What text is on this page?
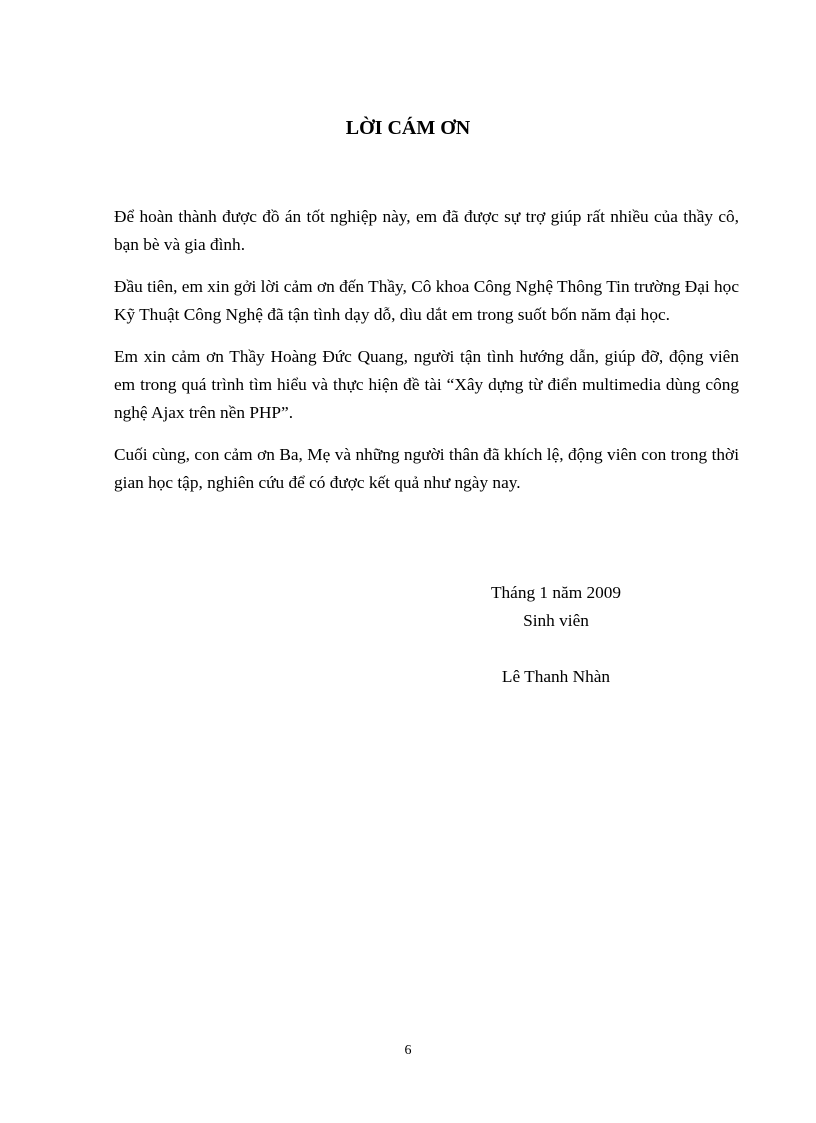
LỜI CÁM ƠN

Để hoàn thành được đồ án tốt nghiệp này, em đã được sự trợ giúp rất nhiều của thầy cô, bạn bè và gia đình.

Đầu tiên, em xin gởi lời cảm ơn đến Thầy, Cô khoa Công Nghệ Thông Tin trường Đại học Kỹ Thuật Công Nghệ đã tận tình dạy dỗ, dìu dắt em trong suốt bốn năm đại học.

Em xin cảm ơn Thầy Hoàng Đức Quang, người tận tình hướng dẫn, giúp đỡ, động viên em trong quá trình tìm hiểu và thực hiện đề tài “Xây dựng từ điển multimedia dùng công nghệ Ajax trên nền PHP”.

Cuối cùng, con cảm ơn Ba, Mẹ và những người thân đã khích lệ, động viên con trong thời gian học tập, nghiên cứu để có được kết quả như ngày nay.

Tháng 1 năm 2009
Sinh viên
Lê Thanh Nhàn
6
